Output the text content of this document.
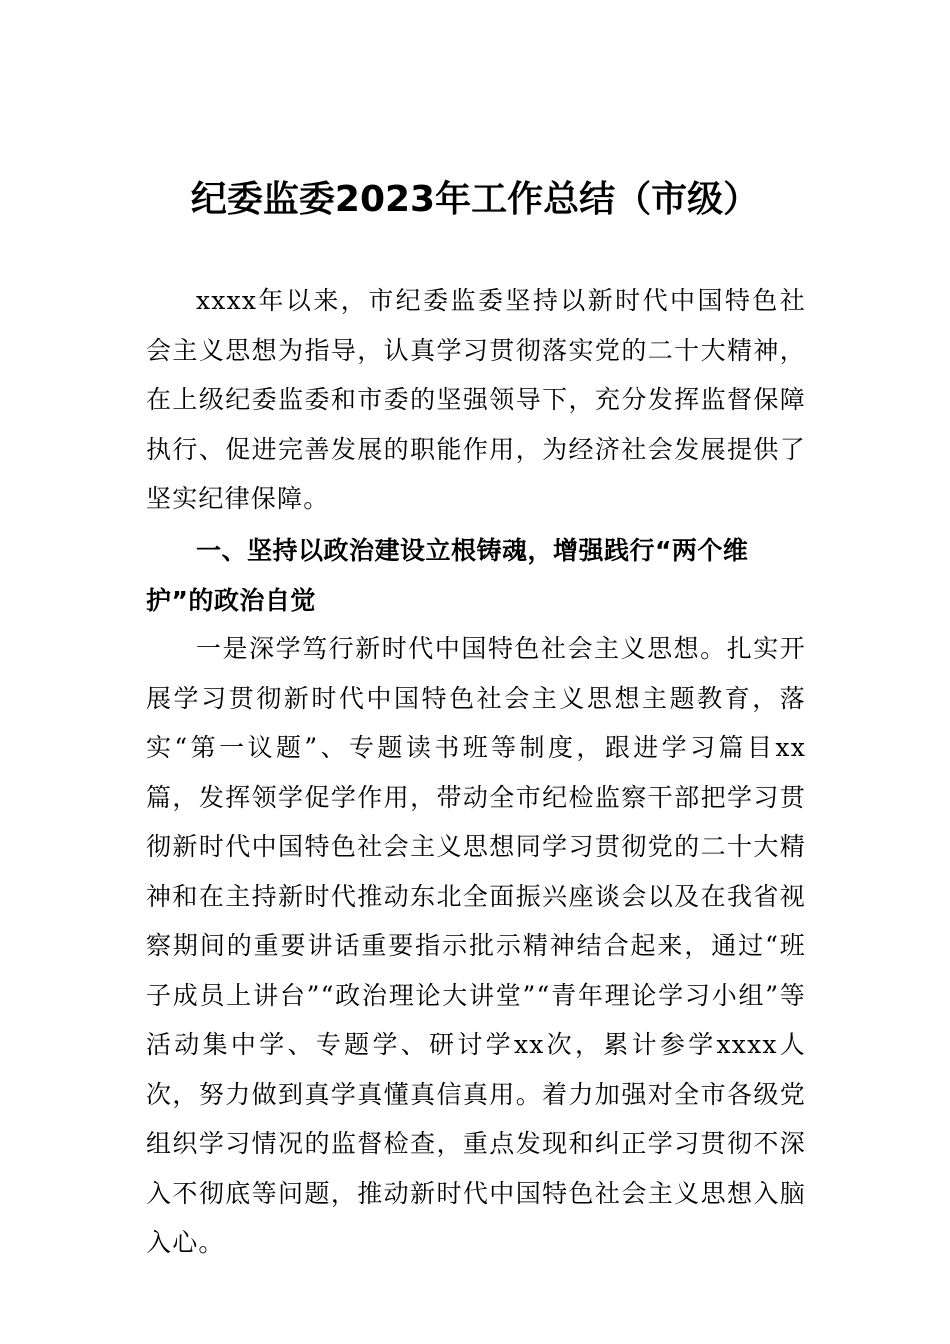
纪委监委2023年工作总结（市级）

xxxx年以来，市纪委监委坚持以新时代中国特色社会主义思想为指导，认真学习贯彻落实党的二十大精神，在上级纪委监委和市委的坚强领导下，充分发挥监督保障执行、促进完善发展的职能作用，为经济社会发展提供了坚实纪律保障。

一、坚持以政治建设立根铸魂，增强践行“两个维护”的政治自觉

一是深学笃行新时代中国特色社会主义思想。扎实开展学习贯彻新时代中国特色社会主义思想主题教育，落实“第一议题”、专题读书班等制度，跟进学习篇目xx篇，发挥领学促学作用，带动全市纪检监察干部把学习贯彻新时代中国特色社会主义思想同学习贯彻党的二十大精神和在主持新时代推动东北全面振兴座谈会以及在我省视察期间的重要讲话重要指示批示精神结合起来，通过“班子成员上讲台”“政治理论大讲堂”“青年理论学习小组”等活动集中学、专题学、研讨学xx次，累计参学xxxx人次，努力做到真学真懂真信真用。着力加强对全市各级党组织学习情况的监督检查，重点发现和纠正学习贯彻不深入不彻底等问题，推动新时代中国特色社会主义思想入脑入心。
